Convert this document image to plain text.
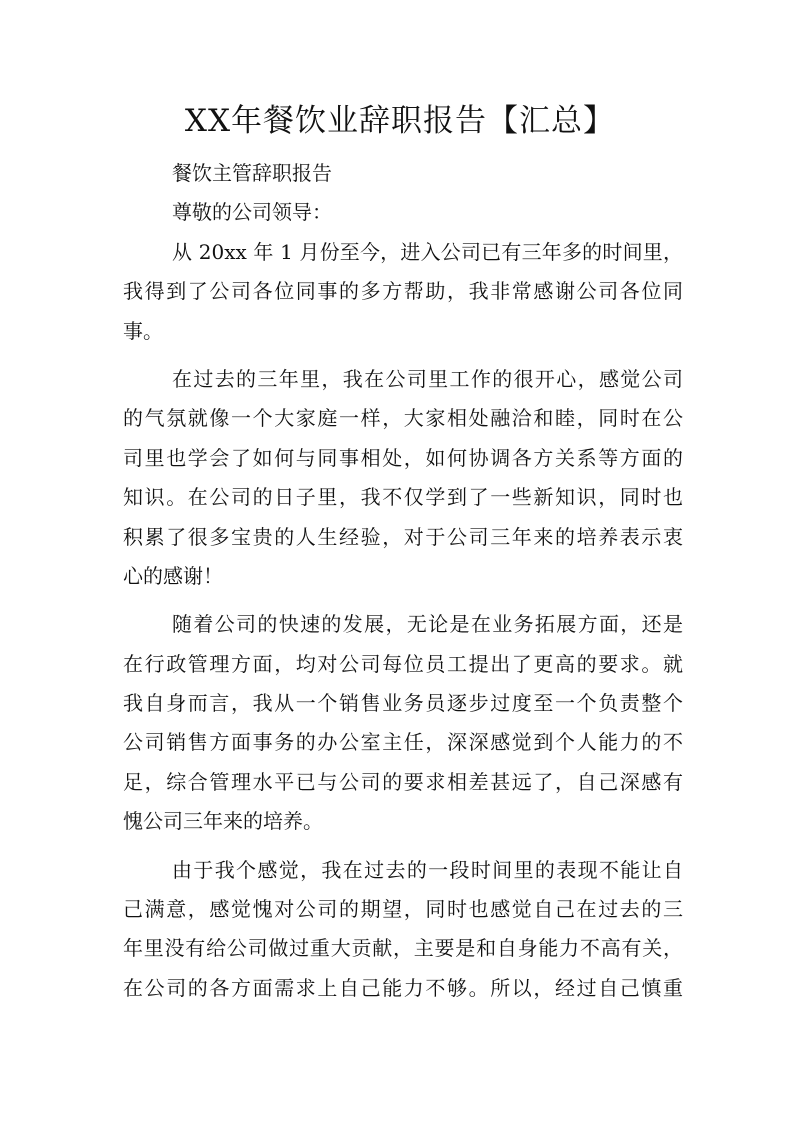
XX年餐饮业辞职报告【汇总】
餐饮主管辞职报告
尊敬的公司领导：
从 20xx 年 1 月份至今，进入公司已有三年多的时间里，
我得到了公司各位同事的多方帮助，我非常感谢公司各位同
事。
在过去的三年里，我在公司里工作的很开心，感觉公司
的气氛就像一个大家庭一样，大家相处融洽和睦，同时在公
司里也学会了如何与同事相处，如何协调各方关系等方面的
知识。在公司的日子里，我不仅学到了一些新知识，同时也
积累了很多宝贵的人生经验，对于公司三年来的培养表示衷
心的感谢！
随着公司的快速的发展，无论是在业务拓展方面，还是
在行政管理方面，均对公司每位员工提出了更高的要求。就
我自身而言，我从一个销售业务员逐步过度至一个负责整个
公司销售方面事务的办公室主任，深深感觉到个人能力的不
足，综合管理水平已与公司的要求相差甚远了，自己深感有
愧公司三年来的培养。
由于我个感觉，我在过去的一段时间里的表现不能让自
己满意，感觉愧对公司的期望，同时也感觉自己在过去的三
年里没有给公司做过重大贡献，主要是和自身能力不高有关，
在公司的各方面需求上自己能力不够。所以，经过自己慎重
